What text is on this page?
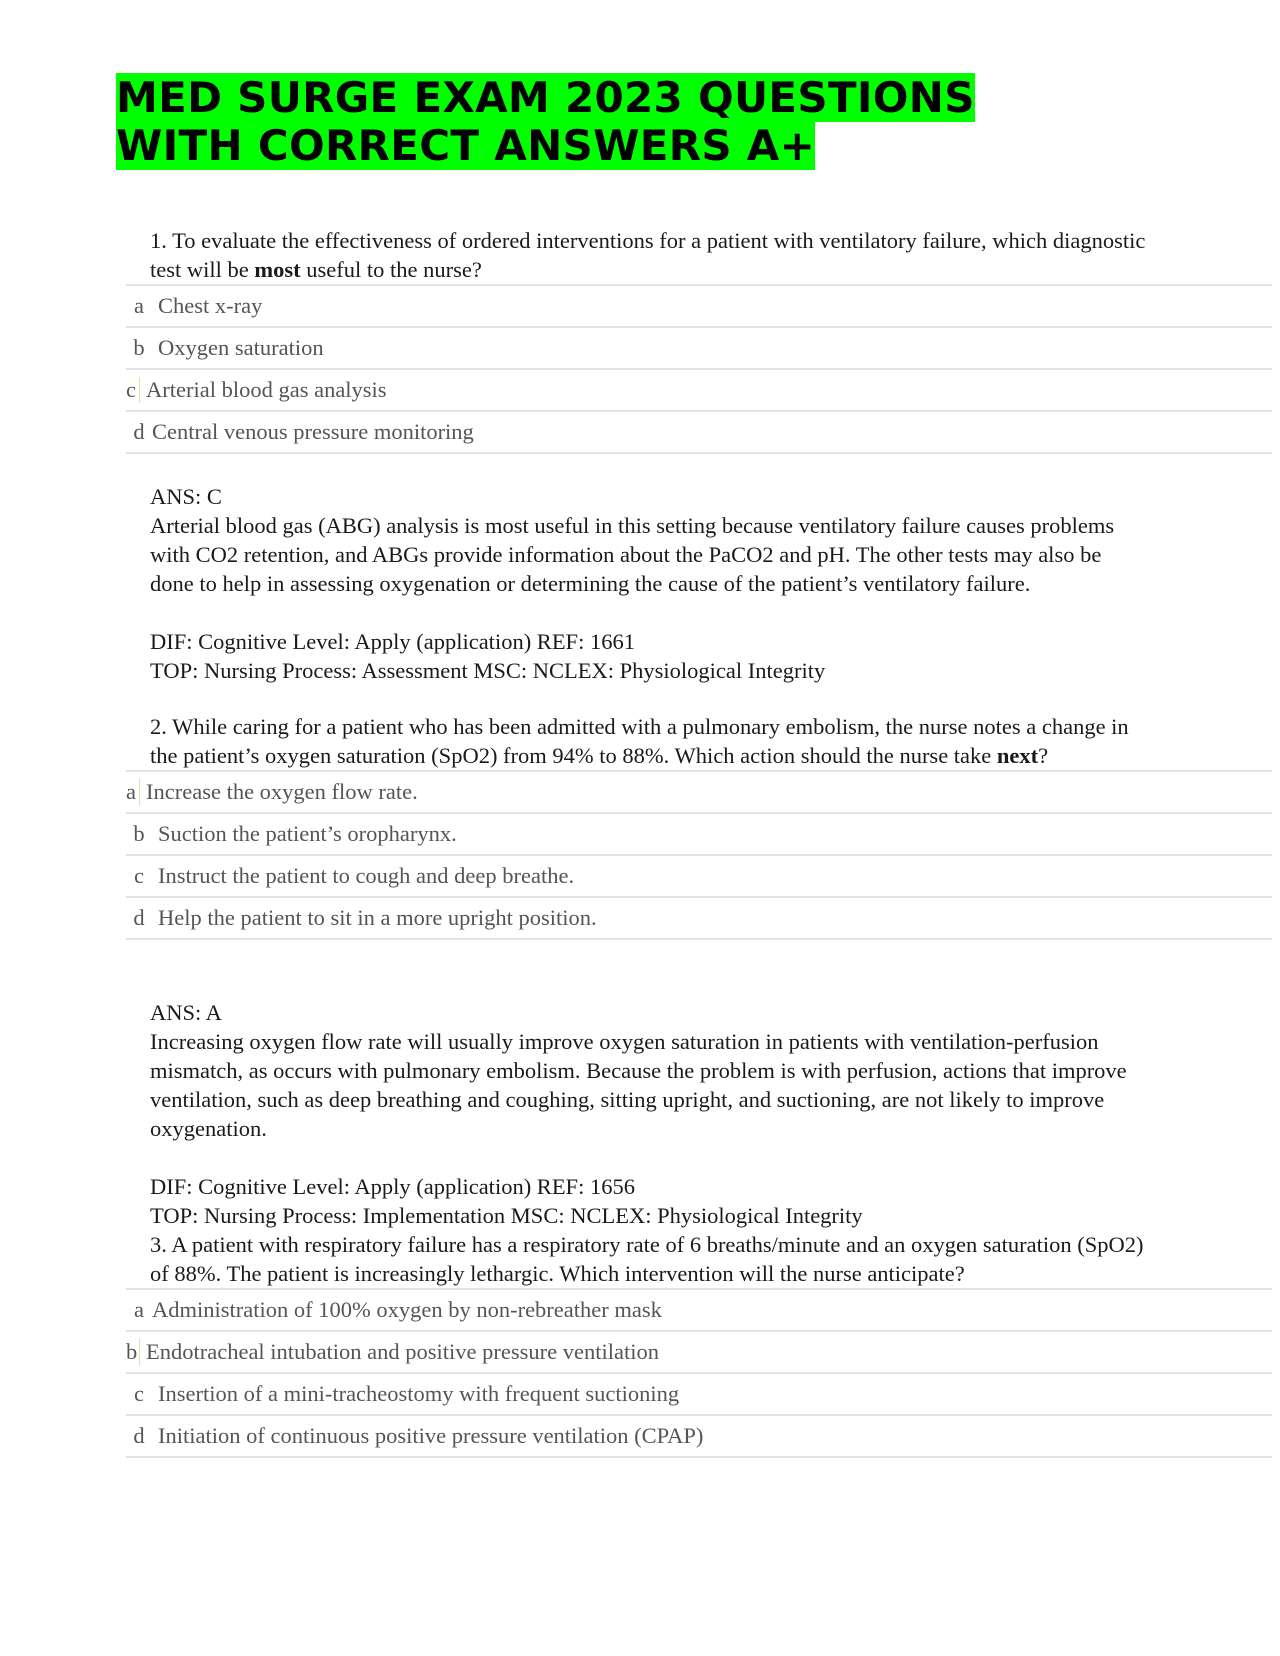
MED SURGE EXAM 2023 QUESTIONS WITH CORRECT ANSWERS A+

1. To evaluate the effectiveness of ordered interventions for a patient with ventilatory failure, which diagnostic test will be most useful to the nurse?

a Chest x-ray
b Oxygen saturation
c Arterial blood gas analysis
d Central venous pressure monitoring

ANS: C

Arterial blood gas (ABG) analysis is most useful in this setting because ventilatory failure causes problems with CO2 retention, and ABGs provide information about the PaCO2 and pH. The other tests may also be done to help in assessing oxygenation or determining the cause of the patient’s ventilatory failure.

DIF: Cognitive Level: Apply (application) REF: 1661

TOP: Nursing Process: Assessment MSC: NCLEX: Physiological Integrity

2. While caring for a patient who has been admitted with a pulmonary embolism, the nurse notes a change in the patient’s oxygen saturation (SpO2) from 94% to 88%. Which action should the nurse take next?

a Increase the oxygen flow rate.
b Suction the patient’s oropharynx.
c Instruct the patient to cough and deep breathe.
d Help the patient to sit in a more upright position.

ANS: A

Increasing oxygen flow rate will usually improve oxygen saturation in patients with ventilation-perfusion mismatch, as occurs with pulmonary embolism. Because the problem is with perfusion, actions that improve ventilation, such as deep breathing and coughing, sitting upright, and suctioning, are not likely to improve oxygenation.

DIF: Cognitive Level: Apply (application) REF: 1656

TOP: Nursing Process: Implementation MSC: NCLEX: Physiological Integrity

3. A patient with respiratory failure has a respiratory rate of 6 breaths/minute and an oxygen saturation (SpO2) of 88%. The patient is increasingly lethargic. Which intervention will the nurse anticipate?

a Administration of 100% oxygen by non-rebreather mask
b Endotracheal intubation and positive pressure ventilation
c Insertion of a mini-tracheostomy with frequent suctioning
d Initiation of continuous positive pressure ventilation (CPAP)
